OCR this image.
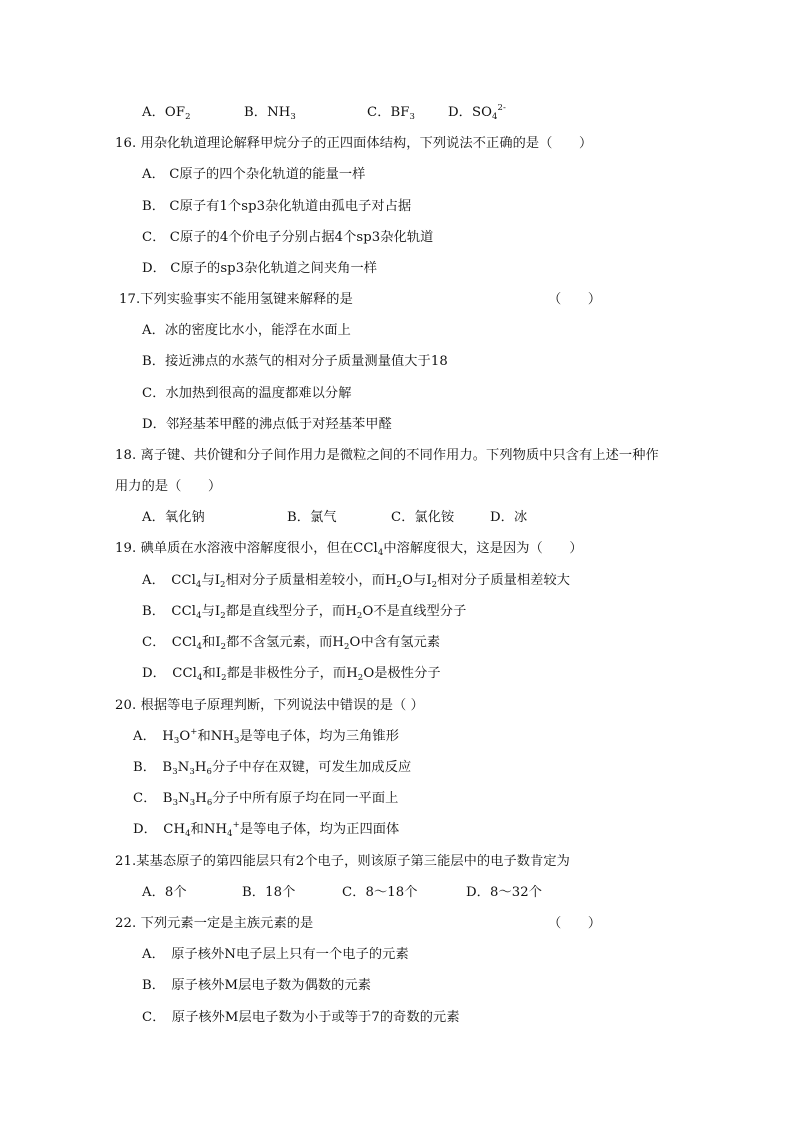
A．$OF_2$	B．$NH_3$	C．$BF_3$ D．$SO_4^{2-}$
16. 用杂化轨道理论解释甲烷分子的正四面体结构，下列说法不正确的是（　　）
A． C原子的四个杂化轨道的能量一样
B． C原子有1个sp3杂化轨道由孤电子对占据
C． C原子的4个价电子分别占据4个sp3杂化轨道
D． C原子的sp3杂化轨道之间夹角一样
17.下列实验事实不能用氢键来解释的是	（　　）
A．冰的密度比水小，能浮在水面上
B．接近沸点的水蒸气的相对分子质量测量值大于18
C．水加热到很高的温度都难以分解
D．邻羟基苯甲醛的沸点低于对羟基苯甲醛
18. 离子键、共价键和分子间作用力是微粒之间的不同作用力。下列物质中只含有上述一种作
用力的是（　　）
A．氧化钠	B．氯气	C．氯化铵	D．冰
19. 碘单质在水溶液中溶解度很小，但在CCl$_4$中溶解度很大，这是因为（　　）
A． CCl$_4$与$I_2$相对分子质量相差较小，而$H_2O$与$I_2$相对分子质量相差较大
B． CCl$_4$与$I_2$都是直线型分子，而$H_2O$不是直线型分子
C． CCl$_4$和$I_2$都不含氢元素，而$H_2O$中含有氢元素
D． CCl$_4$和$I_2$都是非极性分子，而$H_2O$是极性分子
20. 根据等电子原理判断，下列说法中错误的是（ ）
A． $H_3O^+$和$NH_3$是等电子体，均为三角锥形
B． $B_3N_3H_6$分子中存在双键，可发生加成反应
C． $B_3N_3H_6$分子中所有原子均在同一平面上
D． $CH_4$和$NH_4^+$是等电子体，均为正四面体
21.某基态原子的第四能层只有2个电子，则该原子第三能层中的电子数肯定为
A．8个	B．18个	C．8～18个	D．8～32个
22. 下列元素一定是主族元素的是	（　　）
A． 原子核外N电子层上只有一个电子的元素
B． 原子核外M层电子数为偶数的元素
C． 原子核外M层电子数为小于或等于7的奇数的元素
